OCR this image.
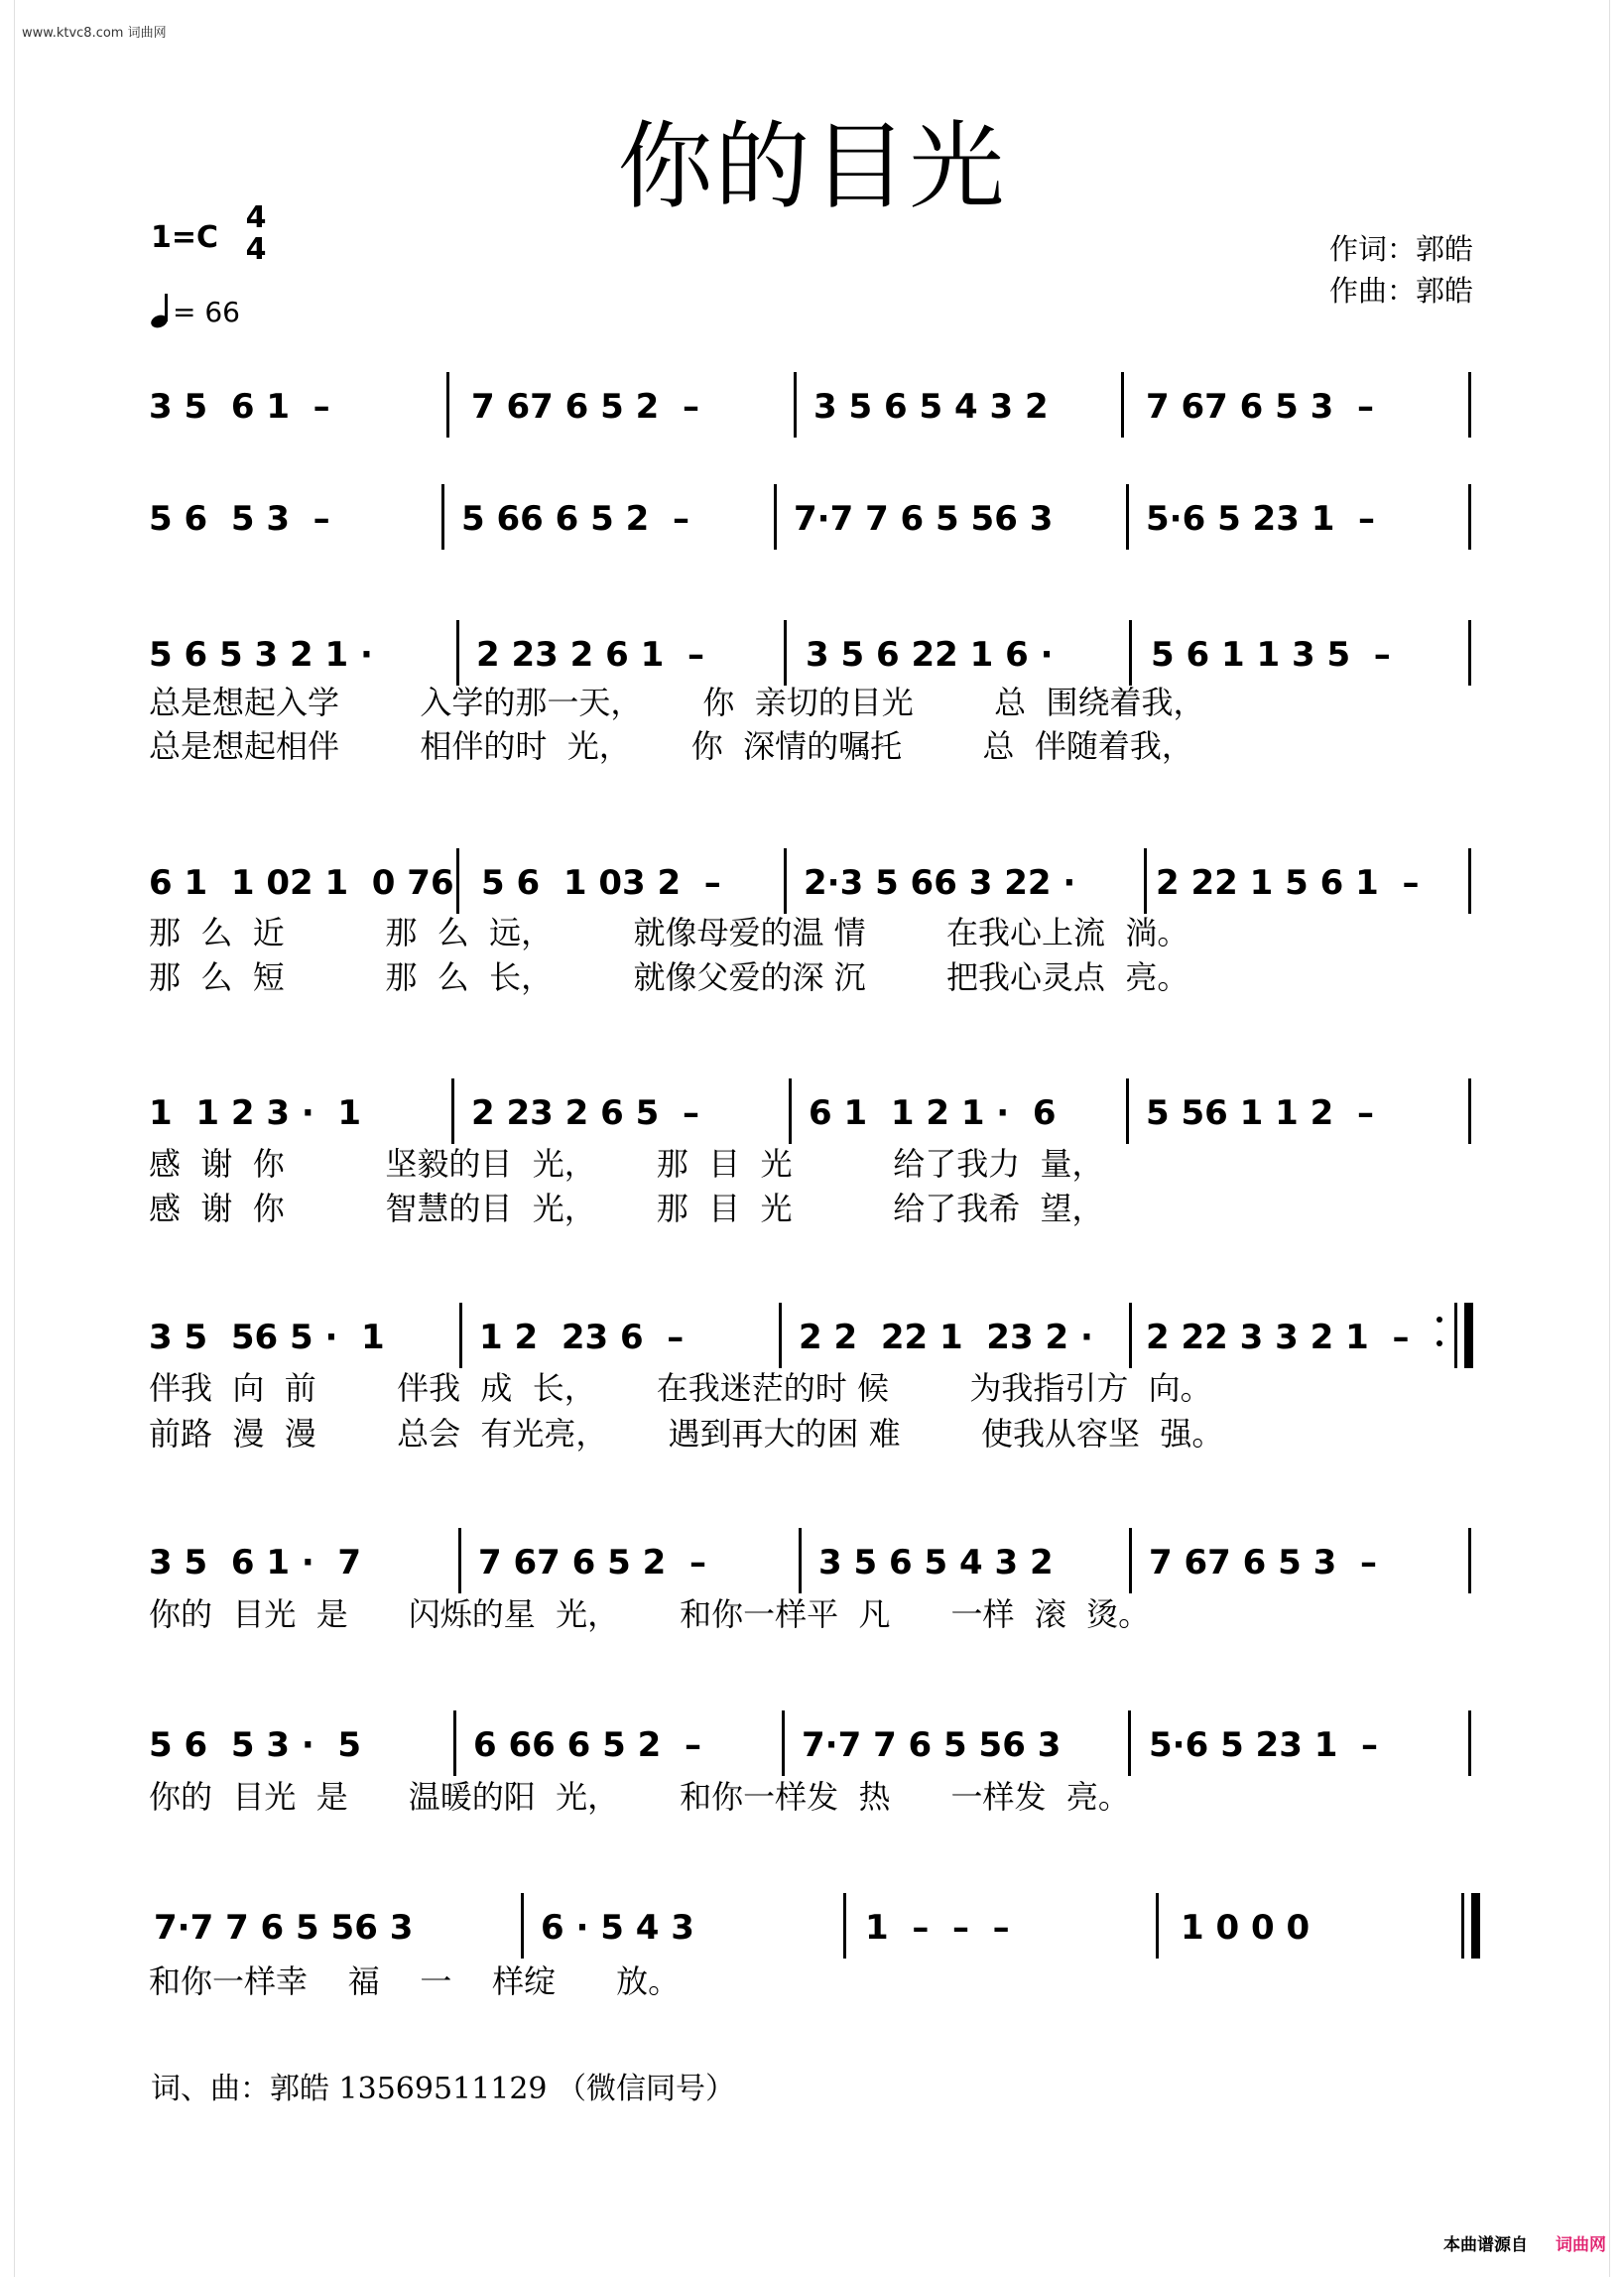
www.ktvc8.com 词曲网
你的目光
1=C
4
4
= 66
作词：郭皓
作曲：郭皓
3 5  6 1  –	7 67 6 5 2  –	3 5 6 5 4 3 2	7 67 6 5 3  –
5 6  5 3  –	5 66 6 5 2  –	7·7 7 6 5 56 3	5·6 5 23 1  –
5 6 5 3 2 1 ·	2 23 2 6 1  –	3 5 6 22 1 6 ·	5 6 1 1 3 5  –
总是想起入学        入学的那一天，      你  亲切的目光        总  围绕着我，
总是想起相伴        相伴的时  光，      你  深情的嘱托        总  伴随着我，
6 1  1 02 1  0 76 5 6  1 03 2  – 2·3 5 66 3 22 · 2 22 1 5 6 1  –
那  么  近          那  么  远，        就像母爱的温 情        在我心上流  淌。
那  么  短          那  么  长，        就像父爱的深 沉        把我心灵点  亮。
1  1 2 3 ·  1	2 23 2 6 5  –	6 1  1 2 1 ·  6	5 56 1 1 2  –
感  谢  你          坚毅的目  光，      那  目  光          给了我力  量，
感  谢  你          智慧的目  光，      那  目  光          给了我希  望，
3 5  56 5 ·  1	1 2  23 6  –	2 2  22 1  23 2 · 2 22 3 3 2 1  –
伴我  向  前        伴我  成  长，      在我迷茫的时 候        为我指引方  向。
前路  漫  漫        总会  有光亮，      遇到再大的困 难        使我从容坚  强。
3 5  6 1 ·  7	7 67 6 5 2  –	3 5 6 5 4 3 2	7 67 6 5 3  –
你的  目光  是      闪烁的星  光，      和你一样平  凡      一样  滚  烫。
5 6  5 3 ·  5	6 66 6 5 2  –	7·7 7 6 5 56 3	5·6 5 23 1  –
你的  目光  是      温暖的阳  光，      和你一样发  热      一样发  亮。
7·7 7 6 5 56 3	6 · 5 4 3	1  –  –  –	1 0 0 0
和你一样幸    福    一    样绽      放。
词、曲：郭皓 13569511129 （微信同号）
本曲谱源自 词曲网
